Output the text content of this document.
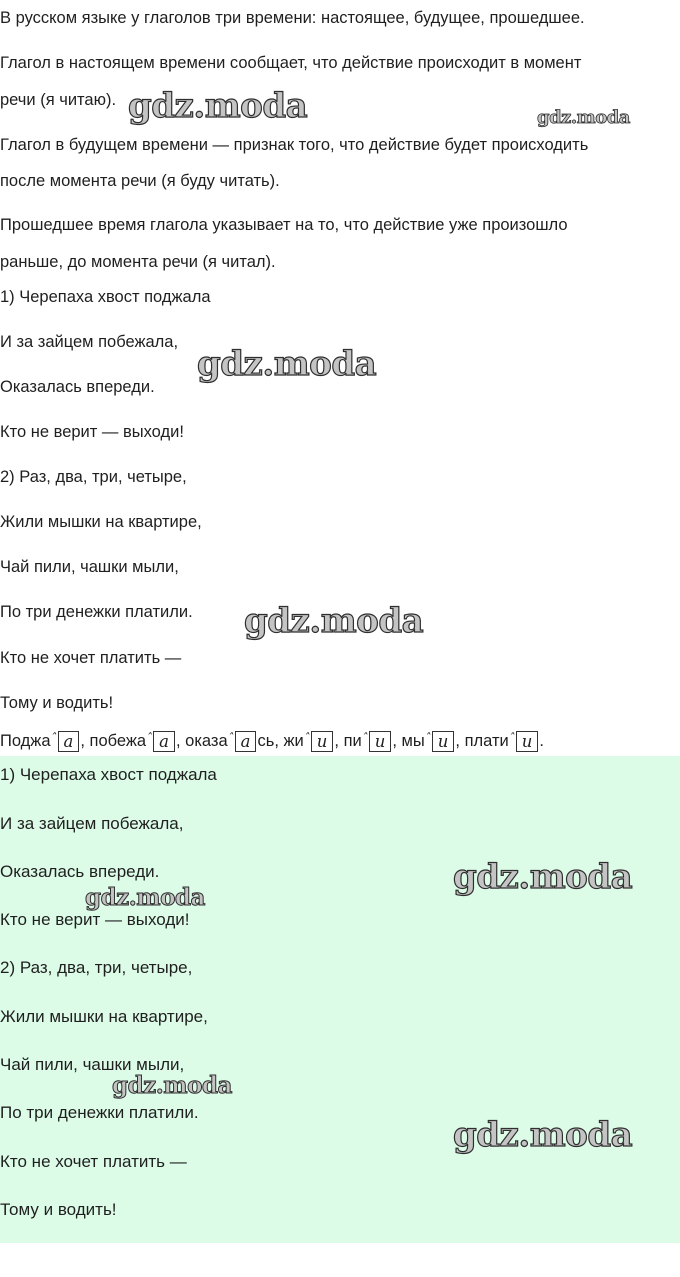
В русском языке у глаголов три времени: настоящее, будущее, прошедшее.
Глагол в настоящем времени сообщает, что действие происходит в момент
речи (я читаю).
Глагол в будущем времени — признак того, что действие будет происходить
после момента речи (я буду читать).
Прошедшее время глагола указывает на то, что действие уже произошло
раньше, до момента речи (я читал).
1) Черепаха хвост поджала
И за зайцем побежала,
Оказалась впереди.
Кто не верит — выходи!
2) Раз, два, три, четыре,
Жили мышки на квартире,
Чай пили, чашки мыли,
По три денежки платили.
Кто не хочет платить —
Тому и водить!
Поджаˆ а , побежаˆ а , оказаˆ а сь, жиˆ и , пиˆ и , мыˆ и , платиˆ и .
1) Черепаха хвост поджала
И за зайцем побежала,
Оказалась впереди.
Кто не верит — выходи!
2) Раз, два, три, четыре,
Жили мышки на квартире,
Чай пили, чашки мыли,
По три денежки платили.
Кто не хочет платить —
Тому и водить!
gdz.moda	gdz.moda
gdz.moda
gdz.moda
gdz.moda
gdz.moda
gdz.moda
gdz.moda
